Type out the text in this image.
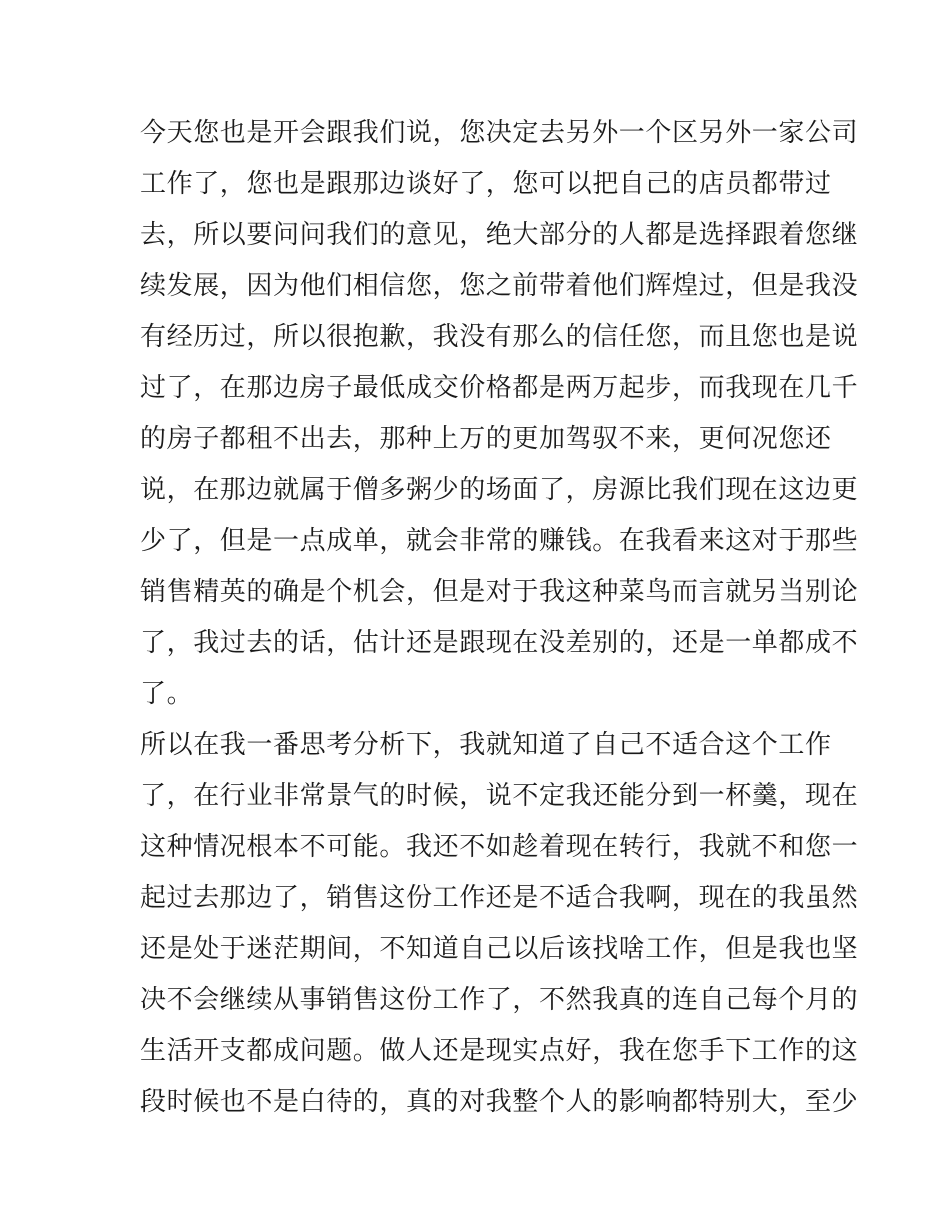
今天您也是开会跟我们说，您决定去另外一个区另外一家公司
工作了，您也是跟那边谈好了，您可以把自己的店员都带过
去，所以要问问我们的意见，绝大部分的人都是选择跟着您继
续发展，因为他们相信您，您之前带着他们辉煌过，但是我没
有经历过，所以很抱歉，我没有那么的信任您，而且您也是说
过了，在那边房子最低成交价格都是两万起步，而我现在几千
的房子都租不出去，那种上万的更加驾驭不来，更何况您还
说，在那边就属于僧多粥少的场面了，房源比我们现在这边更
少了，但是一点成单，就会非常的赚钱。在我看来这对于那些
销售精英的确是个机会，但是对于我这种菜鸟而言就另当别论
了，我过去的话，估计还是跟现在没差别的，还是一单都成不
了。
所以在我一番思考分析下，我就知道了自己不适合这个工作
了，在行业非常景气的时候，说不定我还能分到一杯羹，现在
这种情况根本不可能。我还不如趁着现在转行，我就不和您一
起过去那边了，销售这份工作还是不适合我啊，现在的我虽然
还是处于迷茫期间，不知道自己以后该找啥工作，但是我也坚
决不会继续从事销售这份工作了，不然我真的连自己每个月的
生活开支都成问题。做人还是现实点好，我在您手下工作的这
段时候也不是白待的，真的对我整个人的影响都特别大，至少
